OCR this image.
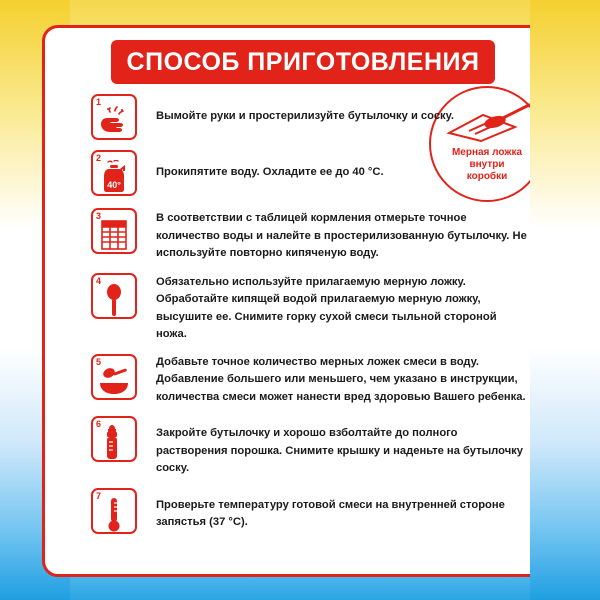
СПОСОБ ПРИГОТОВЛЕНИЯ
Мерная ложка
внутри
коробки
1
Вымойте руки и простерилизуйте бутылочку и соску.
2
40°
Прокипятите воду. Охладите ее до 40 °С.
3	В соответствии с таблицей кормления отмерьте точное количество воды и налейте в простерилизованную бутылочку. Не используйте повторно кипяченую воду.
4	Обязательно используйте прилагаемую мерную ложку. Обработайте кипящей водой прилагаемую мерную ложку, высушите ее. Снимите горку сухой смеси тыльной стороной ножа.
5	Добавьте точное количество мерных ложек смеси в воду. Добавление большего или меньшего, чем указано в инструкции, количества смеси может нанести вред здоровью Вашего ребенка.
6
Закройте бутылочку и хорошо взболтайте до полного растворения порошка. Снимите крышку и наденьте на бутылочку соску.
7
Проверьте температуру готовой смеси на внутренней стороне запястья (37 °С).
